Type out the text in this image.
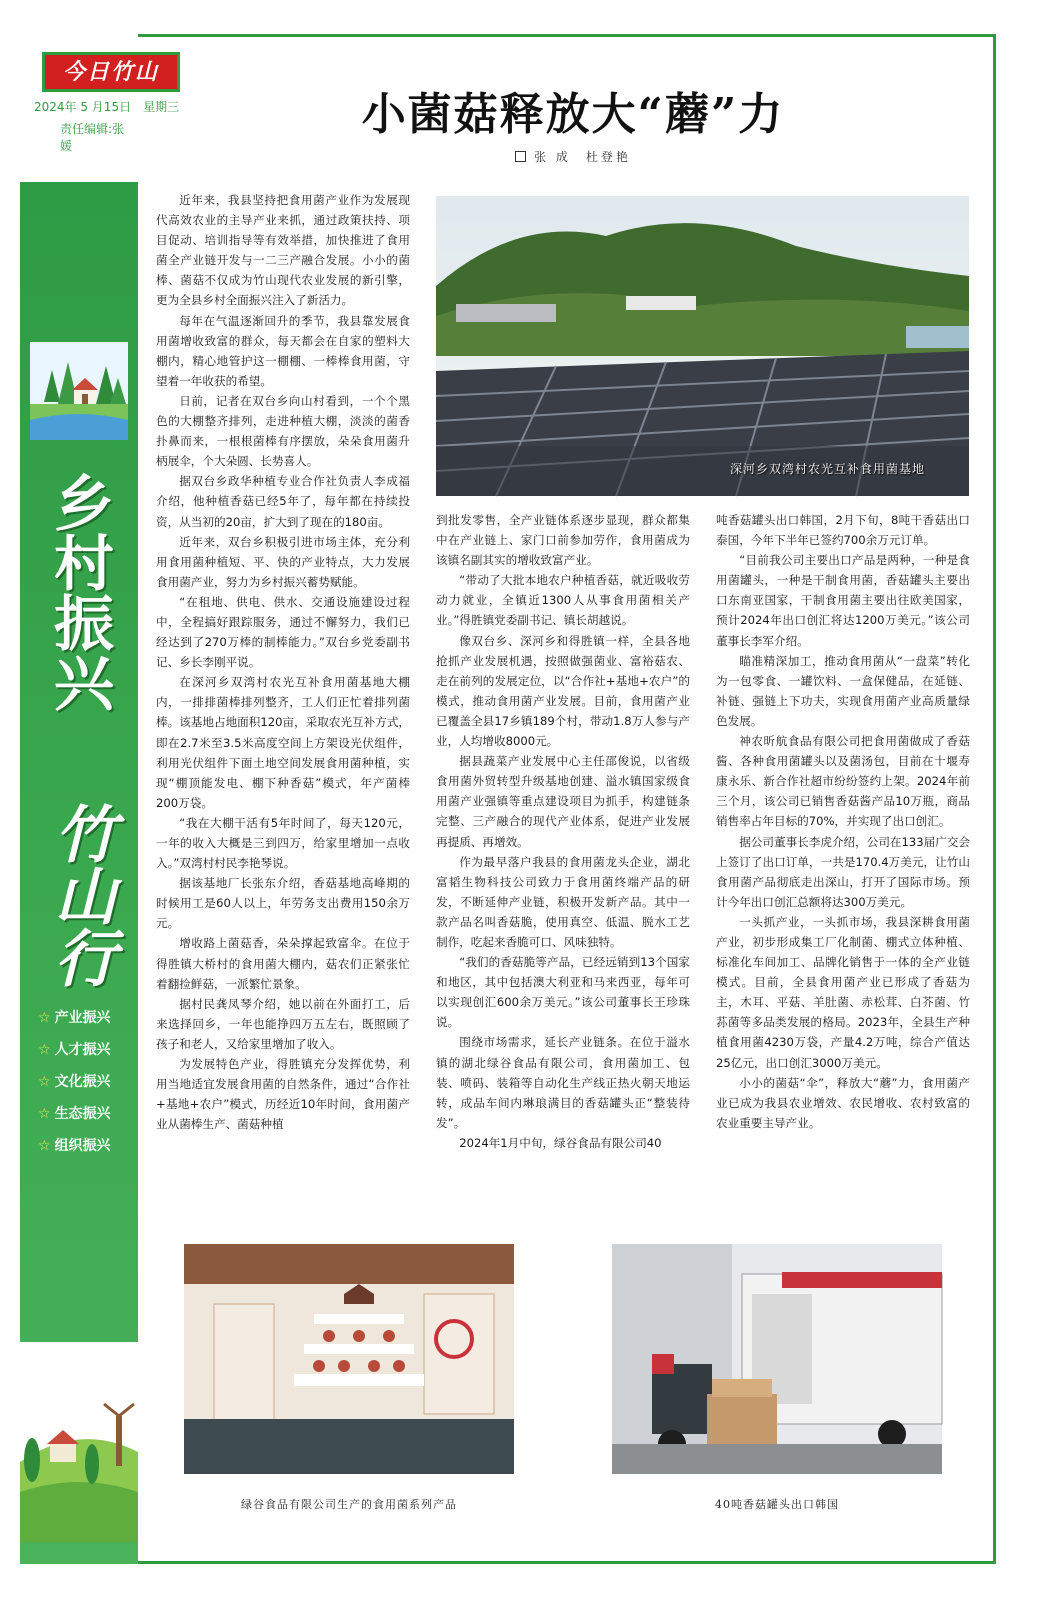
今日竹山
2024年 5 月15日　星期三
责任编辑:张　媛
乡村振兴
竹山行
☆ 产业振兴
☆ 人才振兴
☆ 文化振兴
☆ 生态振兴
☆ 组织振兴
小菌菇释放大“蘑”力
张 成　杜登艳

近年来，我县坚持把食用菌产业作为发展现代高效农业的主导产业来抓，通过政策扶持、项目促动、培训指导等有效举措，加快推进了食用菌全产业链开发与一二三产融合发展。小小的菌棒、菌菇不仅成为竹山现代农业发展的新引擎，更为全县乡村全面振兴注入了新活力。

每年在气温逐渐回升的季节，我县靠发展食用菌增收致富的群众，每天都会在自家的塑料大棚内，精心地管护这一棚棚、一棒棒食用菌，守望着一年收获的希望。

日前，记者在双台乡向山村看到，一个个黑色的大棚整齐排列，走进种植大棚，淡淡的菌香扑鼻而来，一根根菌棒有序摆放，朵朵食用菌升柄展伞，个大朵圆、长势喜人。

据双台乡政华种植专业合作社负责人李成福介绍，他种植香菇已经5年了，每年都在持续投资，从当初的20亩，扩大到了现在的180亩。

近年来，双台乡积极引进市场主体，充分利用食用菌种植短、平、快的产业特点，大力发展食用菌产业，努力为乡村振兴蓄势赋能。

“在租地、供电、供水、交通设施建设过程中，全程搞好跟踪服务，通过不懈努力，我们已经达到了270万棒的制棒能力。”双台乡党委副书记、乡长李刚平说。

在深河乡双湾村农光互补食用菌基地大棚内，一排排菌棒排列整齐，工人们正忙着排列菌棒。该基地占地面积120亩，采取农光互补方式，即在2.7米至3.5米高度空间上方架设光伏组件，利用光伏组件下面土地空间发展食用菌种植，实现“棚顶能发电、棚下种香菇”模式，年产菌棒200万袋。

“我在大棚干活有5年时间了，每天120元，一年的收入大概是三到四万，给家里增加一点收入。”双湾村村民李艳琴说。

据该基地厂长张东介绍，香菇基地高峰期的时候用工是60人以上，年劳务支出费用150余万元。

增收路上菌菇香，朵朵撑起致富伞。在位于得胜镇大桥村的食用菌大棚内，菇农们正紧张忙着翻捡鲜菇，一派繁忙景象。

据村民龚凤琴介绍，她以前在外面打工，后来选择回乡，一年也能挣四万五左右，既照顾了孩子和老人，又给家里增加了收入。

为发展特色产业，得胜镇充分发挥优势，利用当地适宜发展食用菌的自然条件，通过“合作社+基地+农户”模式，历经近10年时间，食用菌产业从菌棒生产、菌菇种植

深河乡双湾村农光互补食用菌基地

到批发零售，全产业链体系逐步显现，群众都集中在产业链上、家门口前参加劳作，食用菌成为该镇名副其实的增收致富产业。

“带动了大批本地农户种植香菇，就近吸收劳动力就业，全镇近1300人从事食用菌相关产业。”得胜镇党委副书记、镇长胡越说。

像双台乡、深河乡和得胜镇一样，全县各地抢抓产业发展机遇，按照做强菌业、富裕菇农、走在前列的发展定位，以“合作社+基地+农户”的模式，推动食用菌产业发展。目前，食用菌产业已覆盖全县17乡镇189个村，带动1.8万人参与产业，人均增收8000元。

据县蔬菜产业发展中心主任邵俊说，以省级食用菌外贸转型升级基地创建、溢水镇国家级食用菌产业强镇等重点建设项目为抓手，构建链条完整、三产融合的现代产业体系，促进产业发展再提质、再增效。

作为最早落户我县的食用菌龙头企业，湖北富韬生物科技公司致力于食用菌终端产品的研发，不断延伸产业链，积极开发新产品。其中一款产品名叫香菇脆，使用真空、低温、脱水工艺制作，吃起来香脆可口、风味独特。

“我们的香菇脆等产品，已经远销到13个国家和地区，其中包括澳大利亚和马来西亚，每年可以实现创汇600余万美元。”该公司董事长王珍珠说。

围绕市场需求，延长产业链条。在位于溢水镇的湖北绿谷食品有限公司，食用菌加工、包装、喷码、装箱等自动化生产线正热火朝天地运转，成品车间内琳琅满目的香菇罐头正“整装待发”。

2024年1月中旬，绿谷食品有限公司40

吨香菇罐头出口韩国，2月下旬，8吨干香菇出口泰国，今年下半年已签约700余万元订单。

“目前我公司主要出口产品是两种，一种是食用菌罐头，一种是干制食用菌，香菇罐头主要出口东南亚国家，干制食用菌主要出往欧美国家，预计2024年出口创汇将达1200万美元。”该公司董事长李军介绍。

瞄准精深加工，推动食用菌从“一盘菜”转化为一包零食、一罐饮料、一盒保健品，在延链、补链、强链上下功夫，实现食用菌产业高质量绿色发展。

神农昕航食品有限公司把食用菌做成了香菇酱、各种食用菌罐头以及菌汤包，目前在十堰寿康永乐、新合作社超市纷纷签约上架。2024年前三个月，该公司已销售香菇酱产品10万瓶，商品销售率占年目标的70%，并实现了出口创汇。

据公司董事长李虎介绍，公司在133届广交会上签订了出口订单，一共是170.4万美元，让竹山食用菌产品彻底走出深山，打开了国际市场。预计今年出口创汇总额将达300万美元。

一头抓产业，一头抓市场，我县深耕食用菌产业，初步形成集工厂化制菌、棚式立体种植、标准化车间加工、品牌化销售于一体的全产业链模式。目前，全县食用菌产业已形成了香菇为主，木耳、平菇、羊肚菌、赤松茸、白芥菌、竹荪菌等多品类发展的格局。2023年，全县生产种植食用菌4230万袋，产量4.2万吨，综合产值达25亿元，出口创汇3000万美元。

小小的菌菇“伞”，释放大“蘑”力，食用菌产业已成为我县农业增效、农民增收、农村致富的农业重要主导产业。

绿谷食品有限公司生产的食用菌系列产品	40吨香菇罐头出口韩国
